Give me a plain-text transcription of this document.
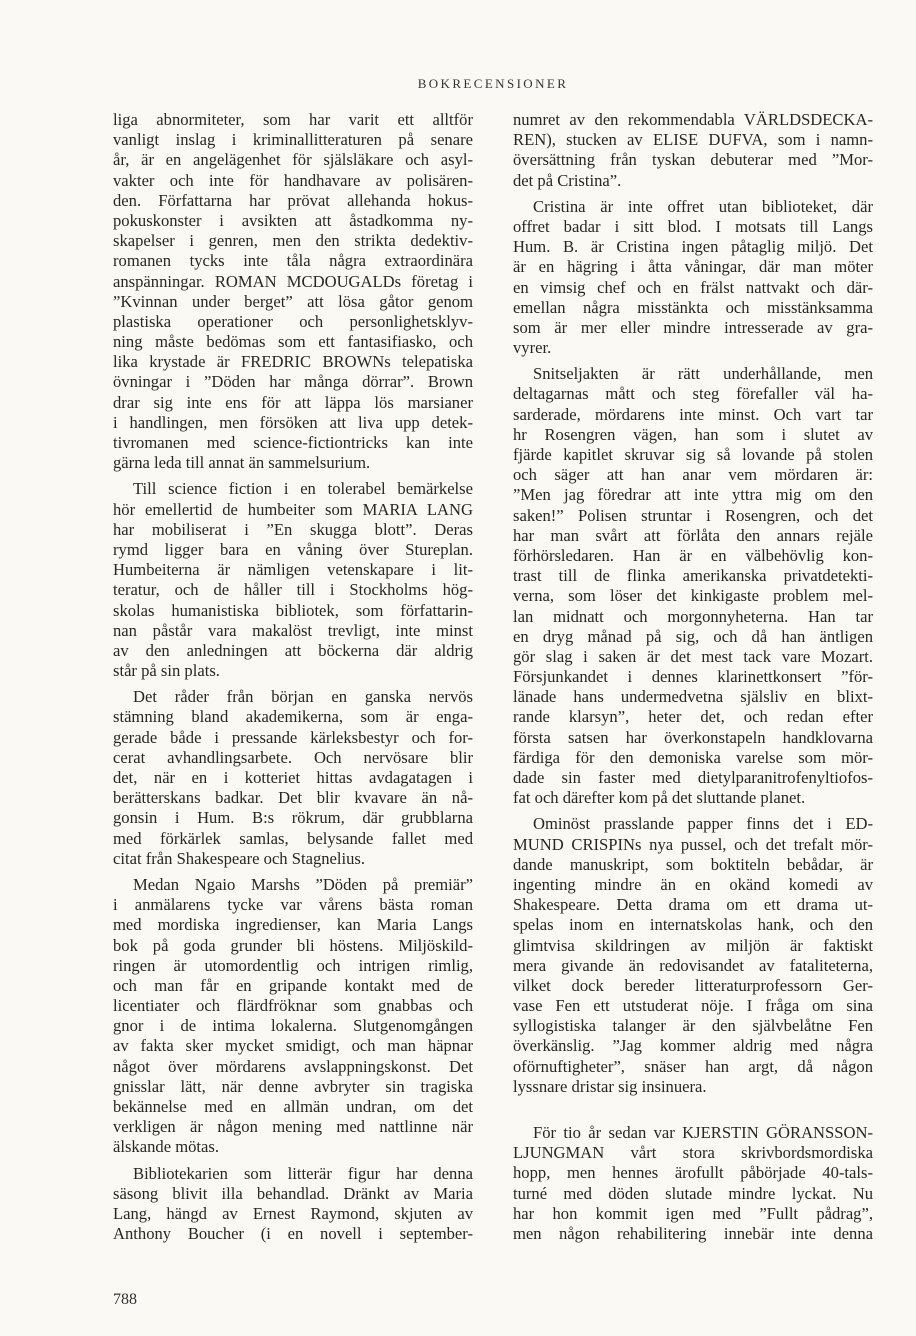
BOKRECENSIONER
liga abnormiteter, som har varit ett alltför
vanligt inslag i kriminallitteraturen på senare
år, är en angelägenhet för själsläkare och asyl-
vakter och inte för handhavare av polisären-
den. Författarna har prövat allehanda hokus-
pokuskonster i avsikten att åstadkomma ny-
skapelser i genren, men den strikta dedektiv-
romanen tycks inte tåla några extraordinära
anspänningar. ROMAN MCDOUGALDs företag i
”Kvinnan under berget” att lösa gåtor genom
plastiska operationer och personlighetsklyv-
ning måste bedömas som ett fantasifiasko, och
lika krystade är FREDRIC BROWNs telepatiska
övningar i ”Döden har många dörrar”. Brown
drar sig inte ens för att läppa lös marsianer
i handlingen, men försöken att liva upp detek-
tivromanen med science-fictiontricks kan inte
gärna leda till annat än sammelsurium.
Till science fiction i en tolerabel bemärkelse
hör emellertid de humbeiter som MARIA LANG
har mobiliserat i ”En skugga blott”. Deras
rymd ligger bara en våning över Stureplan.
Humbeiterna är nämligen vetenskapare i lit-
teratur, och de håller till i Stockholms hög-
skolas humanistiska bibliotek, som författarin-
nan påstår vara makalöst trevligt, inte minst
av den anledningen att böckerna där aldrig
står på sin plats.
Det råder från början en ganska nervös
stämning bland akademikerna, som är enga-
gerade både i pressande kärleksbestyr och for-
cerat avhandlingsarbete. Och nervösare blir
det, när en i kotteriet hittas avdagatagen i
berätterskans badkar. Det blir kvavare än nå-
gonsin i Hum. B:s rökrum, där grubblarna
med förkärlek samlas, belysande fallet med
citat från Shakespeare och Stagnelius.
Medan Ngaio Marshs ”Döden på premiär”
i anmälarens tycke var vårens bästa roman
med mordiska ingredienser, kan Maria Langs
bok på goda grunder bli höstens. Miljöskild-
ringen är utomordentlig och intrigen rimlig,
och man får en gripande kontakt med de
licentiater och flärdfröknar som gnabbas och
gnor i de intima lokalerna. Slutgenomgången
av fakta sker mycket smidigt, och man häpnar
något över mördarens avslappningskonst. Det
gnisslar lätt, när denne avbryter sin tragiska
bekännelse med en allmän undran, om det
verkligen är någon mening med nattlinne när
älskande mötas.
Bibliotekarien som litterär figur har denna
säsong blivit illa behandlad. Dränkt av Maria
Lang, hängd av Ernest Raymond, skjuten av
Anthony Boucher (i en novell i september-
numret av den rekommendabla VÄRLDSDECKA-
REN), stucken av ELISE DUFVA, som i namn-
översättning från tyskan debuterar med ”Mor-
det på Cristina”.
Cristina är inte offret utan biblioteket, där
offret badar i sitt blod. I motsats till Langs
Hum. B. är Cristina ingen påtaglig miljö. Det
är en hägring i åtta våningar, där man möter
en vimsig chef och en frälst nattvakt och där-
emellan några misstänkta och misstänksamma
som är mer eller mindre intresserade av gra-
vyrer.
Snitseljakten är rätt underhållande, men
deltagarnas mått och steg förefaller väl ha-
sarderade, mördarens inte minst. Och vart tar
hr Rosengren vägen, han som i slutet av
fjärde kapitlet skruvar sig så lovande på stolen
och säger att han anar vem mördaren är:
”Men jag föredrar att inte yttra mig om den
saken!” Polisen struntar i Rosengren, och det
har man svårt att förlåta den annars rejäle
förhörsledaren. Han är en välbehövlig kon-
trast till de flinka amerikanska privatdetekti-
verna, som löser det kinkigaste problem mel-
lan midnatt och morgonnyheterna. Han tar
en dryg månad på sig, och då han äntligen
gör slag i saken är det mest tack vare Mozart.
Försjunkandet i dennes klarinettkonsert ”för-
länade hans undermedvetna själsliv en blixt-
rande klarsyn”, heter det, och redan efter
första satsen har överkonstapeln handklovarna
färdiga för den demoniska varelse som mör-
dade sin faster med dietylparanitrofenyltiofos-
fat och därefter kom på det sluttande planet.
Ominöst prasslande papper finns det i ED-
MUND CRISPINs nya pussel, och det trefalt mör-
dande manuskript, som boktiteln bebådar, är
ingenting mindre än en okänd komedi av
Shakespeare. Detta drama om ett drama ut-
spelas inom en internatskolas hank, och den
glimtvisa skildringen av miljön är faktiskt
mera givande än redovisandet av fataliteterna,
vilket dock bereder litteraturprofessorn Ger-
vase Fen ett utstuderat nöje. I fråga om sina
syllogistiska talanger är den självbelåtne Fen
överkänslig. ”Jag kommer aldrig med några
oförnuftigheter”, snäser han argt, då någon
lyssnare dristar sig insinuera.
För tio år sedan var KJERSTIN GÖRANSSON-
LJUNGMAN vårt stora skrivbordsmordiska
hopp, men hennes ärofullt påbörjade 40-tals-
turné med döden slutade mindre lyckat. Nu
har hon kommit igen med ”Fullt pådrag”,
men någon rehabilitering innebär inte denna
788
